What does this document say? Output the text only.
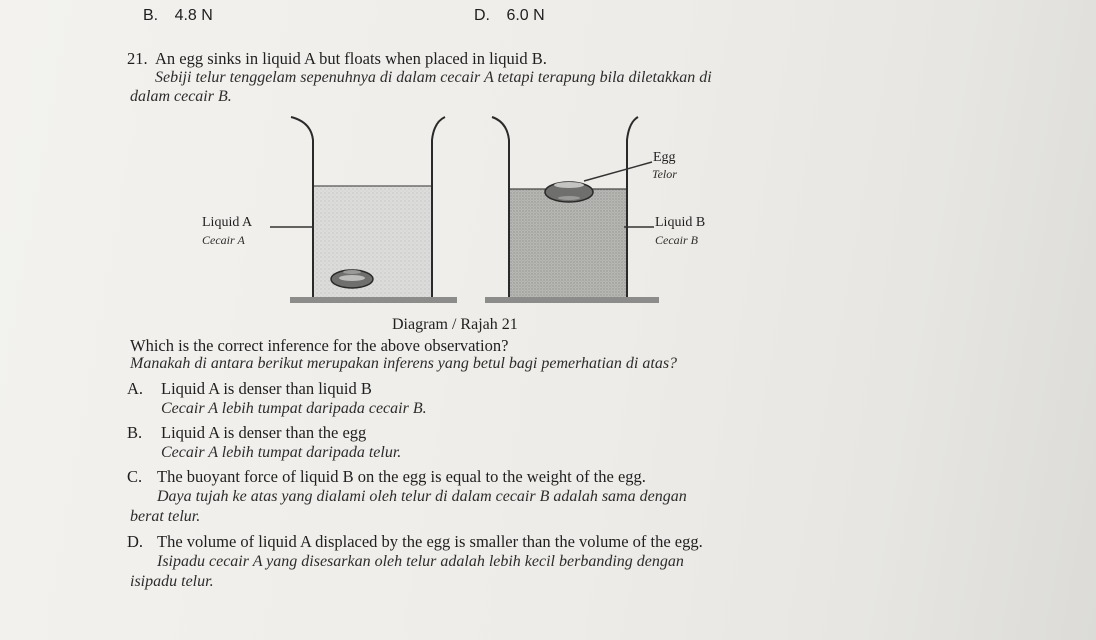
B. 4.8 N	D. 6.0 N
21. An egg sinks in liquid A but floats when placed in liquid B.
Sebiji telur tenggelam sepenuhnya di dalam cecair A tetapi terapung bila diletakkan di
dalam cecair B.
Egg
Telor
Liquid A
Cecair A
Liquid B
Cecair B
Diagram / Rajah 21
Which is the correct inference for the above observation?
Manakah di antara berikut merupakan inferens yang betul bagi pemerhatian di atas?
A. Liquid A is denser than liquid B
Cecair A lebih tumpat daripada cecair B.
B. Liquid A is denser than the egg
Cecair A lebih tumpat daripada telur.
C. The buoyant force of liquid B on the egg is equal to the weight of the egg.
Daya tujah ke atas yang dialami oleh telur di dalam cecair B adalah sama dengan
berat telur.
D. The volume of liquid A displaced by the egg is smaller than the volume of the egg.
Isipadu cecair A yang disesarkan oleh telur adalah lebih kecil berbanding dengan
isipadu telur.
